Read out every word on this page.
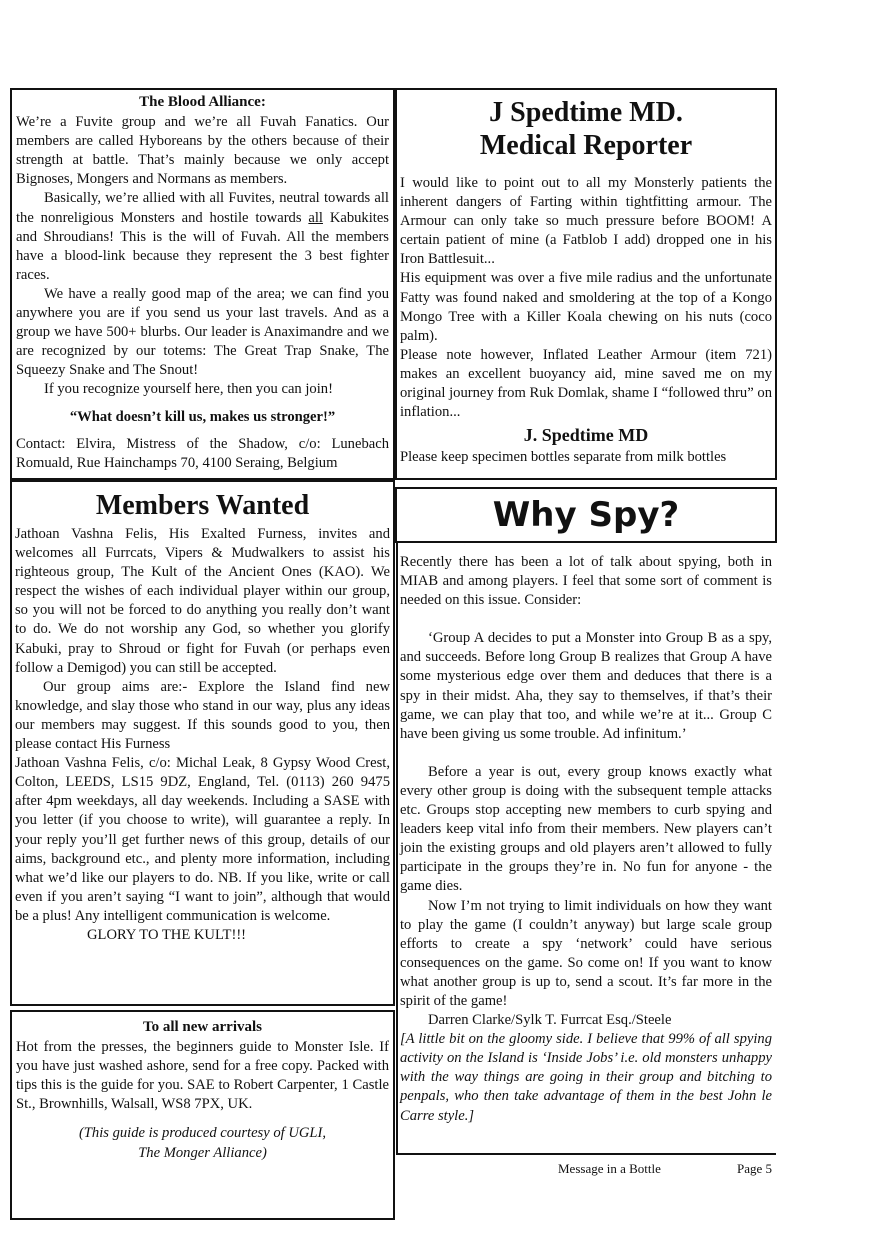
The Blood Alliance:

We’re a Fuvite group and we’re all Fuvah Fanatics. Our members are called Hyboreans by the others because of their strength at battle. That’s mainly because we only accept Bignoses, Mongers and Normans as members.

Basically, we’re allied with all Fuvites, neutral towards all the nonreligious Monsters and hostile towards all Kabukites and Shroudians! This is the will of Fuvah. All the members have a blood-link because they represent the 3 best fighter races.

We have a really good map of the area; we can find you anywhere you are if you send us your last travels. And as a group we have 500+ blurbs. Our leader is Anaximandre and we are recognized by our totems: The Great Trap Snake, The Squeezy Snake and The Snout!

If you recognize yourself here, then you can join!

“What doesn’t kill us, makes us stronger!”

Contact: Elvira, Mistress of the Shadow, c/o: Lunebach Romuald, Rue Hainchamps 70, 4100 Seraing, Belgium

J Spedtime MD.
Medical Reporter

I would like to point out to all my Monsterly patients the inherent dangers of Farting within tightfitting armour. The Armour can only take so much pressure before BOOM! A certain patient of mine (a Fatblob I add) dropped one in his Iron Battlesuit...

His equipment was over a five mile radius and the unfortunate Fatty was found naked and smoldering at the top of a Kongo Mongo Tree with a Killer Koala chewing on his nuts (coco palm).

Please note however, Inflated Leather Armour (item 721) makes an excellent buoyancy aid, mine saved me on my original journey from Ruk Domlak, shame I “followed thru” on inflation...

J. Spedtime MD

Please keep specimen bottles separate from milk bottles

Members Wanted

Jathoan Vashna Felis, His Exalted Furness, invites and welcomes all Furrcats, Vipers & Mudwalkers to assist his righteous group, The Kult of the Ancient Ones (KAO). We respect the wishes of each individual player within our group, so you will not be forced to do anything you really don’t want to do. We do not worship any God, so whether you glorify Kabuki, pray to Shroud or fight for Fuvah (or perhaps even follow a Demigod) you can still be accepted.

Our group aims are:- Explore the Island find new knowledge, and slay those who stand in our way, plus any ideas our members may suggest. If this sounds good to you, then please contact His Furness

Jathoan Vashna Felis, c/o: Michal Leak, 8 Gypsy Wood Crest, Colton, LEEDS, LS15 9DZ, England, Tel. (0113) 260 9475 after 4pm weekdays, all day weekends. Including a SASE with you letter (if you choose to write), will guarantee a reply. In your reply you’ll get further news of this group, details of our aims, background etc., and plenty more information, including what we’d like our players to do. NB. If you like, write or call even if you aren’t saying “I want to join”, although that would be a plus! Any intelligent communication is welcome.

GLORY TO THE KULT!!!

To all new arrivals

Hot from the presses, the beginners guide to Monster Isle. If you have just washed ashore, send for a free copy. Packed with tips this is the guide for you. SAE to Robert Carpenter, 1 Castle St., Brownhills, Walsall, WS8 7PX, UK.

(This guide is produced courtesy of UGLI,

The Monger Alliance)

Why Spy?

Recently there has been a lot of talk about spying, both in MIAB and among players. I feel that some sort of comment is needed on this issue. Consider:

‘Group A decides to put a Monster into Group B as a spy, and succeeds. Before long Group B realizes that Group A have some mysterious edge over them and deduces that there is a spy in their midst. Aha, they say to themselves, if that’s their game, we can play that too, and while we’re at it... Group C have been giving us some trouble. Ad infinitum.’

Before a year is out, every group knows exactly what every other group is doing with the subsequent temple attacks etc. Groups stop accepting new members to curb spying and leaders keep vital info from their members. New players can’t join the existing groups and old players aren’t allowed to fully participate in the groups they’re in. No fun for anyone - the game dies.

Now I’m not trying to limit individuals on how they want to play the game (I couldn’t anyway) but large scale group efforts to create a spy ‘network’ could have serious consequences on the game. So come on! If you want to know what another group is up to, send a scout. It’s far more in the spirit of the game!

Darren Clarke/Sylk T. Furrcat Esq./Steele

[A little bit on the gloomy side. I believe that 99% of all spying activity on the Island is ‘Inside Jobs’ i.e. old monsters unhappy with the way things are going in their group and bitching to penpals, who then take advantage of them in the best John le Carre style.]

Message in a Bottle	Page 5
